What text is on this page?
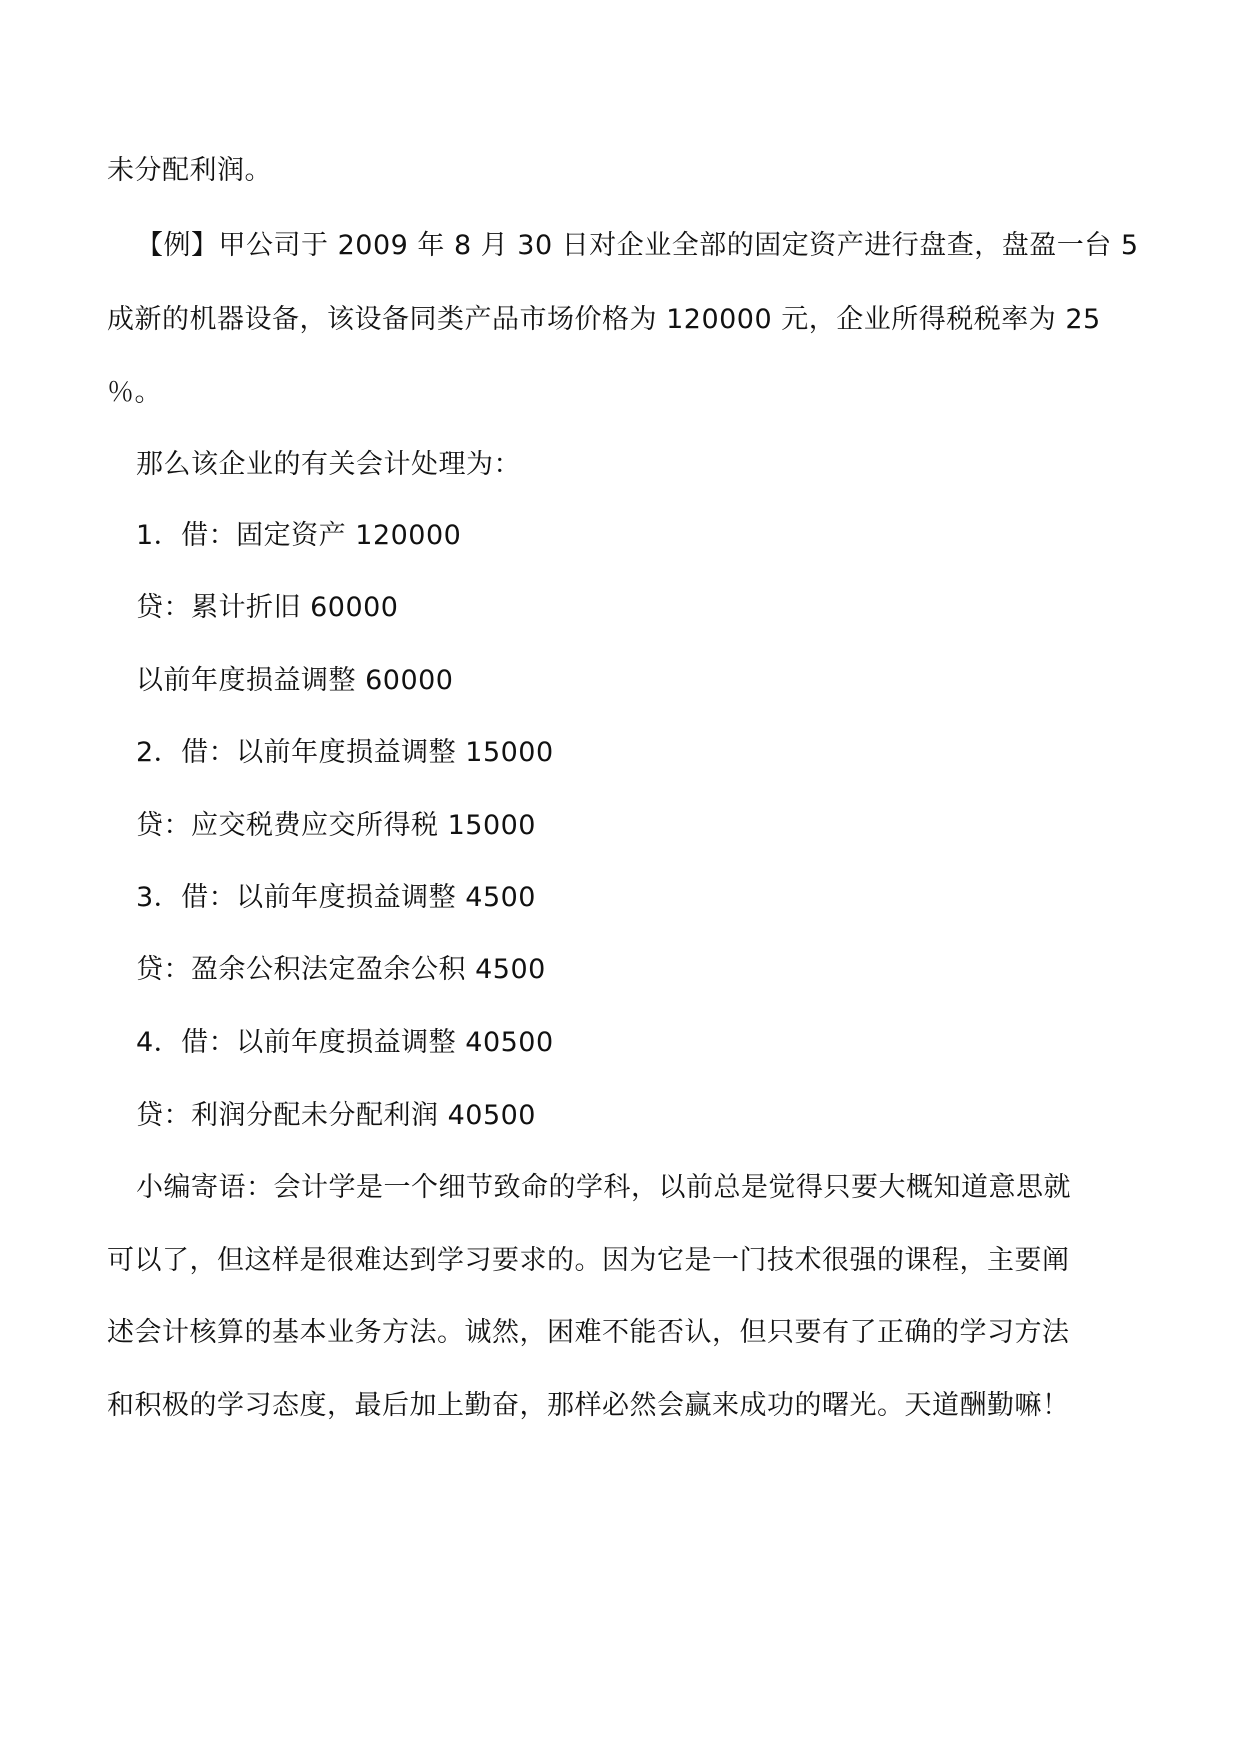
未分配利润。
【例】甲公司于 2009 年 8 月 30 日对企业全部的固定资产进行盘查，盘盈一台 5
成新的机器设备，该设备同类产品市场价格为 120000 元，企业所得税税率为 25
％。
那么该企业的有关会计处理为：
1．借：固定资产 120000
贷：累计折旧 60000
以前年度损益调整 60000
2．借：以前年度损益调整 15000
贷：应交税费应交所得税 15000
3．借：以前年度损益调整 4500
贷：盈余公积法定盈余公积 4500
4．借：以前年度损益调整 40500
贷：利润分配未分配利润 40500
小编寄语：会计学是一个细节致命的学科，以前总是觉得只要大概知道意思就
可以了，但这样是很难达到学习要求的。因为它是一门技术很强的课程，主要阐
述会计核算的基本业务方法。诚然，困难不能否认，但只要有了正确的学习方法
和积极的学习态度，最后加上勤奋，那样必然会赢来成功的曙光。天道酬勤嘛！
